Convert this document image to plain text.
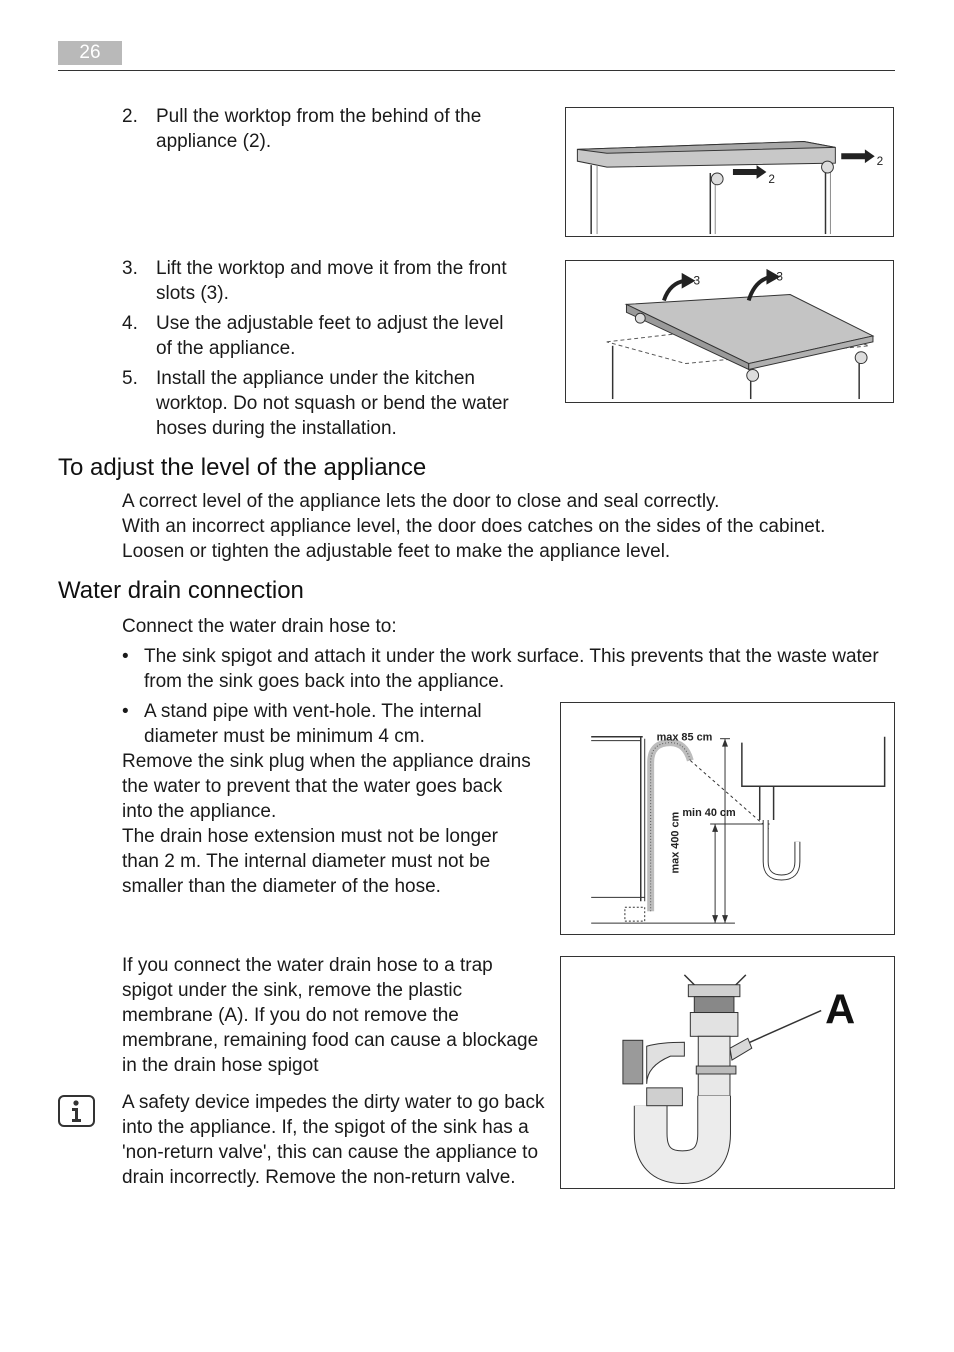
26
2. Pull the worktop from the behind of the appliance (2).
3. Lift the worktop and move it from the front slots (3).
4. Use the adjustable feet to adjust the level of the appliance.
5. Install the appliance under the kitchen worktop. Do not squash or bend the water hoses during the installation.
2
2
3	3
To adjust the level of the appliance
A correct level of the appliance lets the door to close and seal correctly.
With an incorrect appliance level, the door does catches on the sides of the cabinet.
Loosen or tighten the adjustable feet to make the appliance level.
Water drain connection
Connect the water drain hose to:
• The sink spigot and attach it under the work surface. This prevents that the waste water from the sink goes back into the appliance.
• A stand pipe with vent-hole. The internal diameter must be minimum 4 cm.
Remove the sink plug when the appliance drains the water to prevent that the water goes back into the appliance.
The drain hose extension must not be longer than 2 m. The internal diameter must not be smaller than the diameter of the hose.
max 85 cm
min 40 cm
max 400 cm
If you connect the water drain hose to a trap spigot under the sink, remove the plastic membrane (A). If you do not remove the membrane, remaining food can cause a blockage in the drain hose spigot
A
A safety device impedes the dirty water to go back into the appliance. If, the spigot of the sink has a 'non-return valve', this can cause the appliance to drain incorrectly. Remove the non-return valve.
